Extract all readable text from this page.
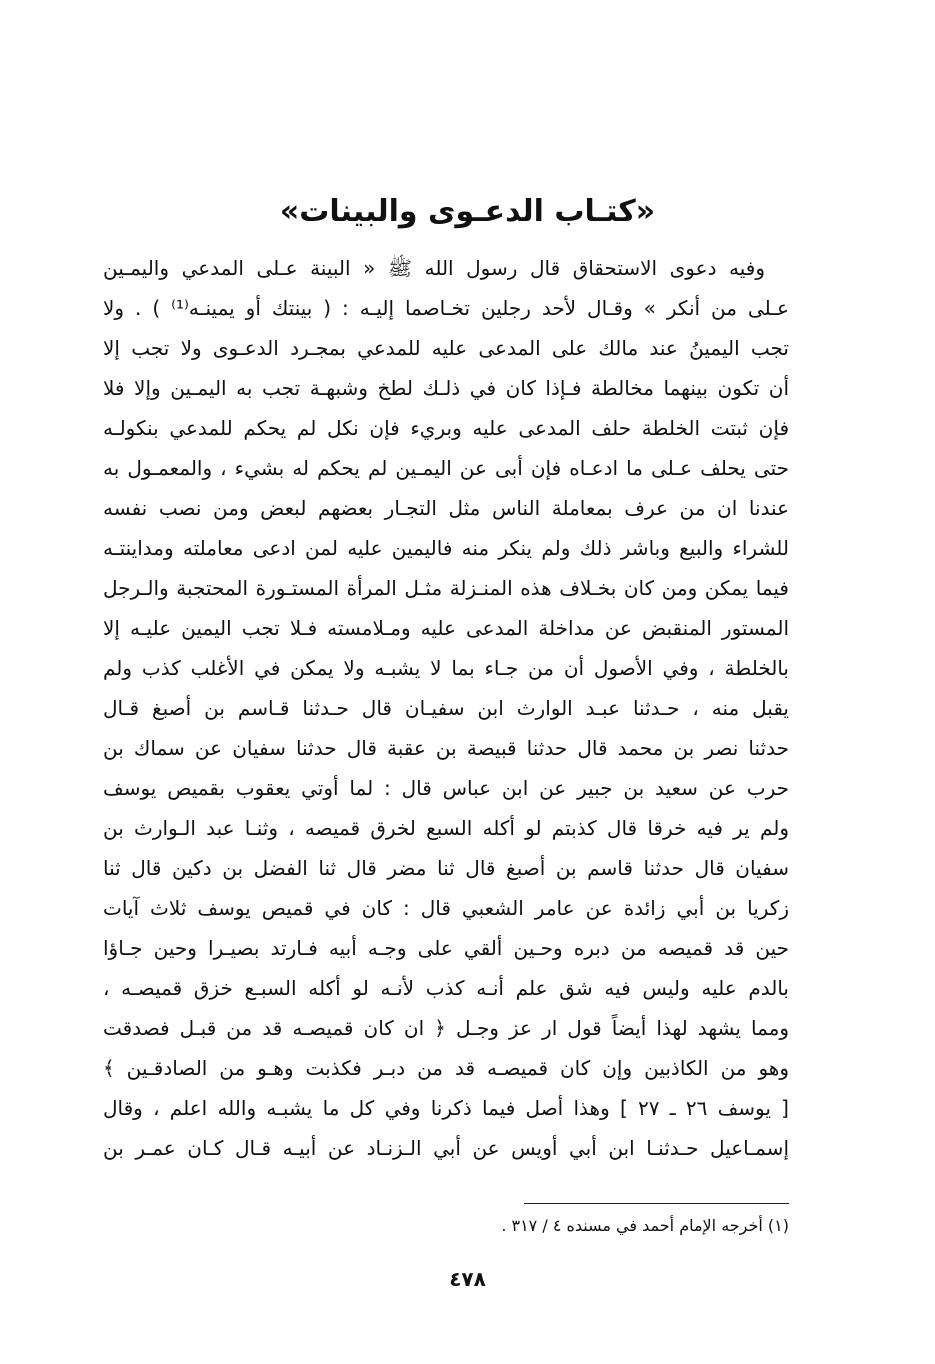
«كتـاب الدعـوى والبينات»
وفيه دعوى الاستحقاق قال رسول الله ﷺ « البينة عـلى المدعي واليمـين
عـلى من أنكر » وقـال لأحد رجلين تخـاصما إليـه : ( بينتك أو يمينـه⁽¹⁾ ) . ولا
تجب اليمينُ عند مالك على المدعى عليه للمدعي بمجـرد الدعـوى ولا تجب إلا
أن تكون بينهما مخالطة فـإذا كان في ذلـك لطخ وشبهـة تجب به اليمـين وإلا فلا
فإن ثبتت الخلطة حلف المدعى عليه وبريء فإن نكل لم يحكم للمدعي بنكولـه
حتى يحلف عـلى ما ادعـاه فإن أبى عن اليمـين لم يحكم له بشيء ، والمعمـول به
عندنا ان من عرف بمعاملة الناس مثل التجـار بعضهم لبعض ومن نصب نفسه
للشراء والبيع وباشر ذلك ولم ينكر منه فاليمين عليه لمن ادعى معاملته ومداينتـه
فيما يمكن ومن كان بخـلاف هذه المنـزلة مثـل المرأة المستـورة المحتجبة والـرجل
المستور المنقبض عن مداخلة المدعى عليه ومـلامسته فـلا تجب اليمين عليـه إلا
بالخلطة ، وفي الأصول أن من جـاء بما لا يشبـه ولا يمكن في الأغلب كذب ولم
يقبل منه ، حـدثنا عبـد الوارث ابن سفيـان قال حـدثنا قـاسم بن أصبغ قـال
حدثنا نصر بن محمد قال حدثنا قبيصة بن عقبة قال حدثنا سفيان عن سماك بن
حرب عن سعيد بن جبير عن ابن عباس قال : لما أوتي يعقوب بقميص يوسف
ولم ير فيه خرقا قال كذبتم لو أكله السبع لخرق قميصه ، وثنـا عبد الـوارث بن
سفيان قال حدثنا قاسم بن أصبغ قال ثنا مضر قال ثنا الفضل بن دكين قال ثنا
زكريا بن أبي زائدة عن عامر الشعبي قال : كان في قميص يوسف ثلاث آيات
حين قد قميصه من دبره وحـين ألقي على وجـه أبيه فـارتد بصيـرا وحين جـاؤا
بالدم عليه وليس فيه شق علم أنـه كذب لأنـه لو أكله السبـع خزق قميصـه ،
ومما يشهد لهذا أيضاً قول ار عز وجـل ﴿ ان كان قميصـه قد من قبـل فصدقت
وهو من الكاذبين وإن كان قميصـه قد من دبـر فكذبت وهـو من الصادقـين ﴾
[ يوسف ٢٦ ـ ٢٧ ] وهذا أصل فيما ذكرنا وفي كل ما يشبـه والله اعلم ، وقال
إسمـاعيل حـدثنـا ابن أبي أويس عن أبي الـزنـاد عن أبيـه قـال كـان عمـر بن
(١) أخرجه الإمام أحمد في مسنده ٤ / ٣١٧ .
٤٧٨
